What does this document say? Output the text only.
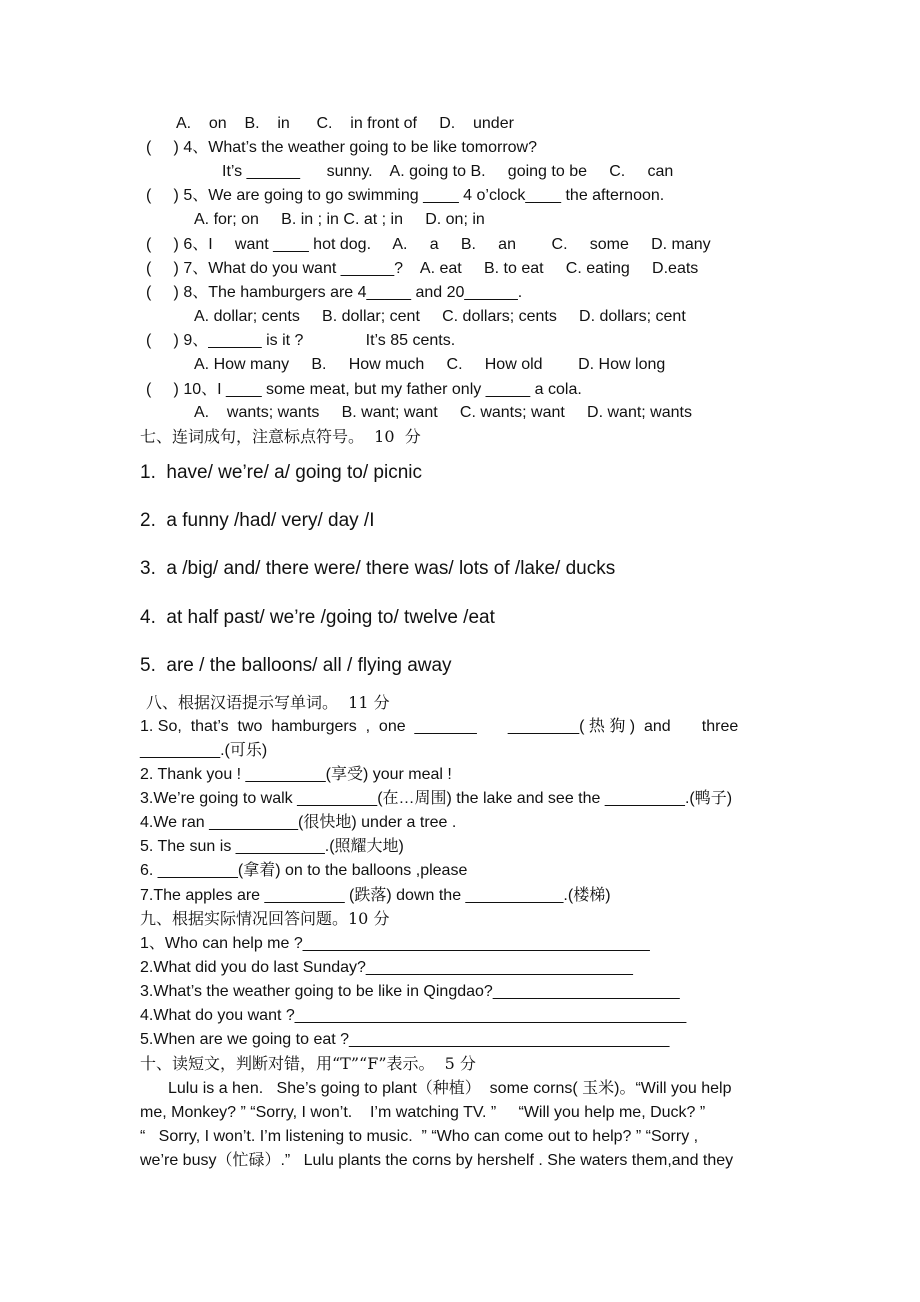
A.    on    B.    in      C.    in front of     D.    under
(     ) 4、What’s the weather going to be like tomorrow?
It’s ______      sunny.    A. going to B.     going to be     C.     can
(     ) 5、We are going to go swimming ____ 4 o’clock____ the afternoon.
A. for; on     B. in ; in C. at ; in     D. on; in
(     ) 6、I     want ____ hot dog.     A.     a     B.     an        C.     some     D. many
(     ) 7、What do you want ______?    A. eat     B. to eat     C. eating     D.eats
(     ) 8、The hamburgers are 4_____ and 20______.
A. dollar; cents     B. dollar; cent     C. dollars; cents     D. dollars; cent
(     ) 9、______ is it ?              It’s 85 cents.
A. How many     B.     How much     C.     How old        D. How long
(     ) 10、I ____ some meat, but my father only _____ a cola.
A.    wants; wants     B. want; want     C. wants; want     D. want; wants
七、连词成句，注意标点符号。  10  分
1.  have/ we’re/ a/ going to/ picnic
2.  a funny /had/ very/ day /I
3.  a /big/ and/ there were/ there was/ lots of /lake/ ducks
4.  at half past/ we’re /going to/ twelve /eat
5.  are / the balloons/ all / flying away
八、根据汉语提示写单词。  11 分
1. So,  that’s  two  hamburgers  ,  one  _______       ________( 热 狗 )  and       three
_________.(可乐)
2. Thank you ! _________(享受) your meal !
3.We’re going to walk _________(在…周围) the lake and see the _________.(鸭子)
4.We ran __________(很快地) under a tree .
5. The sun is __________.(照耀大地)
6. _________(拿着) on to the balloons ,please
7.The apples are _________ (跌落) down the ___________.(楼梯)
九、根据实际情况回答问题。10 分
1、Who can help me ?_______________________________________
2.What did you do last Sunday?______________________________
3.What’s the weather going to be like in Qingdao?_____________________
4.What do you want ?____________________________________________
5.When are we going to eat ?____________________________________
十、读短文，判断对错，用“T”“F”表示。  5 分
Lulu is a hen.   She’s going to plant（种植）  some corns( 玉米)。“Will you help
me, Monkey? ” “Sorry, I won’t.    I’m watching TV. ”     “Will you help me, Duck? ”
“   Sorry, I won’t. I’m listening to music.  ” “Who can come out to help? ” “Sorry ,
we’re busy（忙碌）.”   Lulu plants the corns by hershelf . She waters them,and they
